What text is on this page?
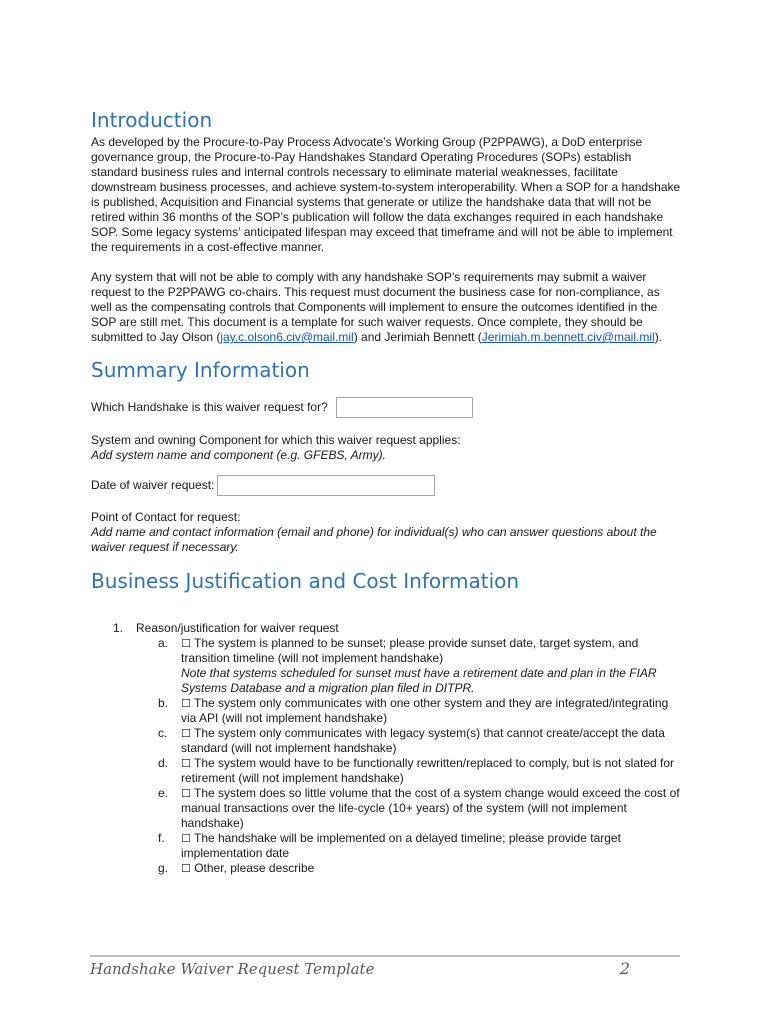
Introduction

As developed by the Procure-to-Pay Process Advocate’s Working Group (P2PPAWG), a DoD enterprise governance group, the Procure-to-Pay Handshakes Standard Operating Procedures (SOPs) establish standard business rules and internal controls necessary to eliminate material weaknesses, facilitate downstream business processes, and achieve system-to-system interoperability. When a SOP for a handshake is published, Acquisition and Financial systems that generate or utilize the handshake data that will not be retired within 36 months of the SOP’s publication will follow the data exchanges required in each handshake SOP. Some legacy systems’ anticipated lifespan may exceed that timeframe and will not be able to implement the requirements in a cost-effective manner.

Any system that will not be able to comply with any handshake SOP’s requirements may submit a waiver request to the P2PPAWG co-chairs. This request must document the business case for non-compliance, as well as the compensating controls that Components will implement to ensure the outcomes identified in the SOP are still met. This document is a template for such waiver requests. Once complete, they should be submitted to Jay Olson (jay.c.olson6.civ@mail.mil) and Jerimiah Bennett (Jerimiah.m.bennett.civ@mail.mil).

Summary Information
Which Handshake is this waiver request for?

System and owning Component for which this waiver request applies:

Add system name and component (e.g. GFEBS, Army).

Date of waiver request:

Point of Contact for request:

Add name and contact information (email and phone) for individual(s) who can answer questions about the waiver request if necessary.

Business Justification and Cost Information
1. Reason/justification for waiver request
a. ☐ The system is planned to be sunset; please provide sunset date, target system, and transition timeline (will not implement handshake)
Note that systems scheduled for sunset must have a retirement date and plan in the FIAR Systems Database and a migration plan filed in DITPR.
b. ☐ The system only communicates with one other system and they are integrated/integrating via API (will not implement handshake)
c. ☐ The system only communicates with legacy system(s) that cannot create/accept the data standard (will not implement handshake)
d. ☐ The system would have to be functionally rewritten/replaced to comply, but is not slated for retirement (will not implement handshake)
e. ☐ The system does so little volume that the cost of a system change would exceed the cost of manual transactions over the life-cycle (10+ years) of the system (will not implement handshake)
f. ☐ The handshake will be implemented on a delayed timeline; please provide target implementation date
g. ☐ Other, please describe
Handshake Waiver Request Template	2
